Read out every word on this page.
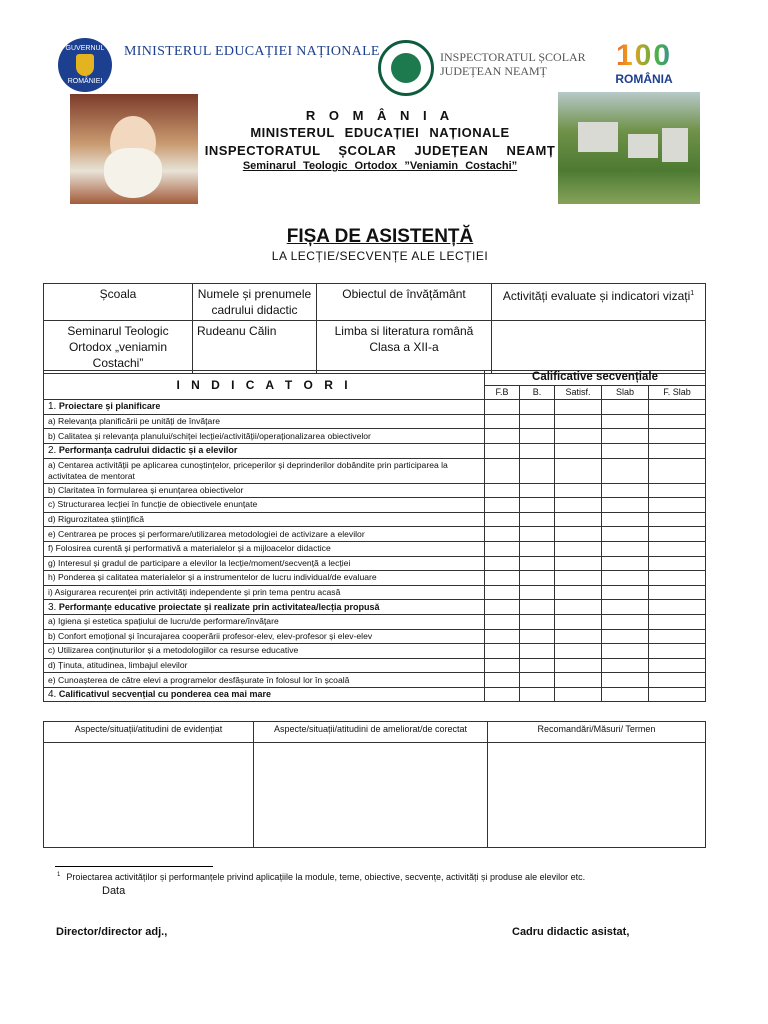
GUVERNUL
ROMÂNIEI
MINISTERUL EDUCAȚIEI NAȚIONALE	INSPECTORATUL ȘCOLAR
JUDEȚEAN NEAMȚ	100
ROMÂNIA
R O M Â N I A
MINISTERUL EDUCAȚIEI NAȚIONALE
INSPECTORATUL ȘCOLAR JUDEȚEAN NEAMȚ
Seminarul Teologic Ortodox ”Veniamin Costachi”
FIȘA DE ASISTENȚĂ
LA LECȚIE/SECVENȚE ALE LECȚIEI
Școala	Numele și prenumele cadrului didactic	Obiectul de învățământ	Activități evaluate și indicatori vizați$^1$
Seminarul Teologic Ortodox „veniamin Costachi”	Rudeanu Călin	Limba si literatura română
Clasa a XII-a	

I N D I C A T O R I	Calificative secvențiale				
	F.B	B.	Satisf.	Slab	F. Slab
1. Proiectare și planificare					
a) Relevanța planificării pe unități de învățare					
b) Calitatea și relevanța planului/schiței lecției/activității/operaționalizarea obiectivelor					
2. Performanța cadrului didactic și a elevilor					
a) Centarea activității pe aplicarea cunoștințelor, priceperilor și deprinderilor dobândite prin participarea la activitatea de mentorat					
b) Claritatea în formularea și enunțarea obiectivelor					
c) Structurarea lecției în funcție de obiectivele enunțate					
d) Rigurozitatea științifică					
e) Centrarea pe proces și performare/utilizarea metodologiei de activizare a elevilor					
f) Folosirea curentă și performativă a materialelor și a mijloacelor didactice					
g) Interesul și gradul de participare a elevilor la lecție/moment/secvență a lecției					
h) Ponderea și calitatea materialelor și a instrumentelor de lucru individual/de evaluare					
i) Asigurarea recurenței prin activități independente și prin tema pentru acasă					
3. Performanțe educative proiectate și realizate prin activitatea/lecția propusă					
a) Igiena și estetica spațiului de lucru/de performare/învățare					
b) Confort emoțional și încurajarea cooperării profesor-elev, elev-profesor și elev-elev					
c) Utilizarea conținuturilor și a metodologiilor ca resurse educative					
d) Ținuta, atitudinea, limbajul elevilor					
e) Cunoașterea de către elevi a programelor desfășurate în folosul lor în școală					
4. Calificativul secvențial cu ponderea cea mai mare					
Aspecte/situații/atitudini de evidențiat	Aspecte/situații/atitudini de ameliorat/de corectat	Recomandări/Măsuri/ Termen

$^1$ Proiectarea activităților și performanțele privind aplicațiile la module, teme, obiective, secvențe, activități și produse ale elevilor etc.
Data
Director/director adj.,	Cadru didactic asistat,
